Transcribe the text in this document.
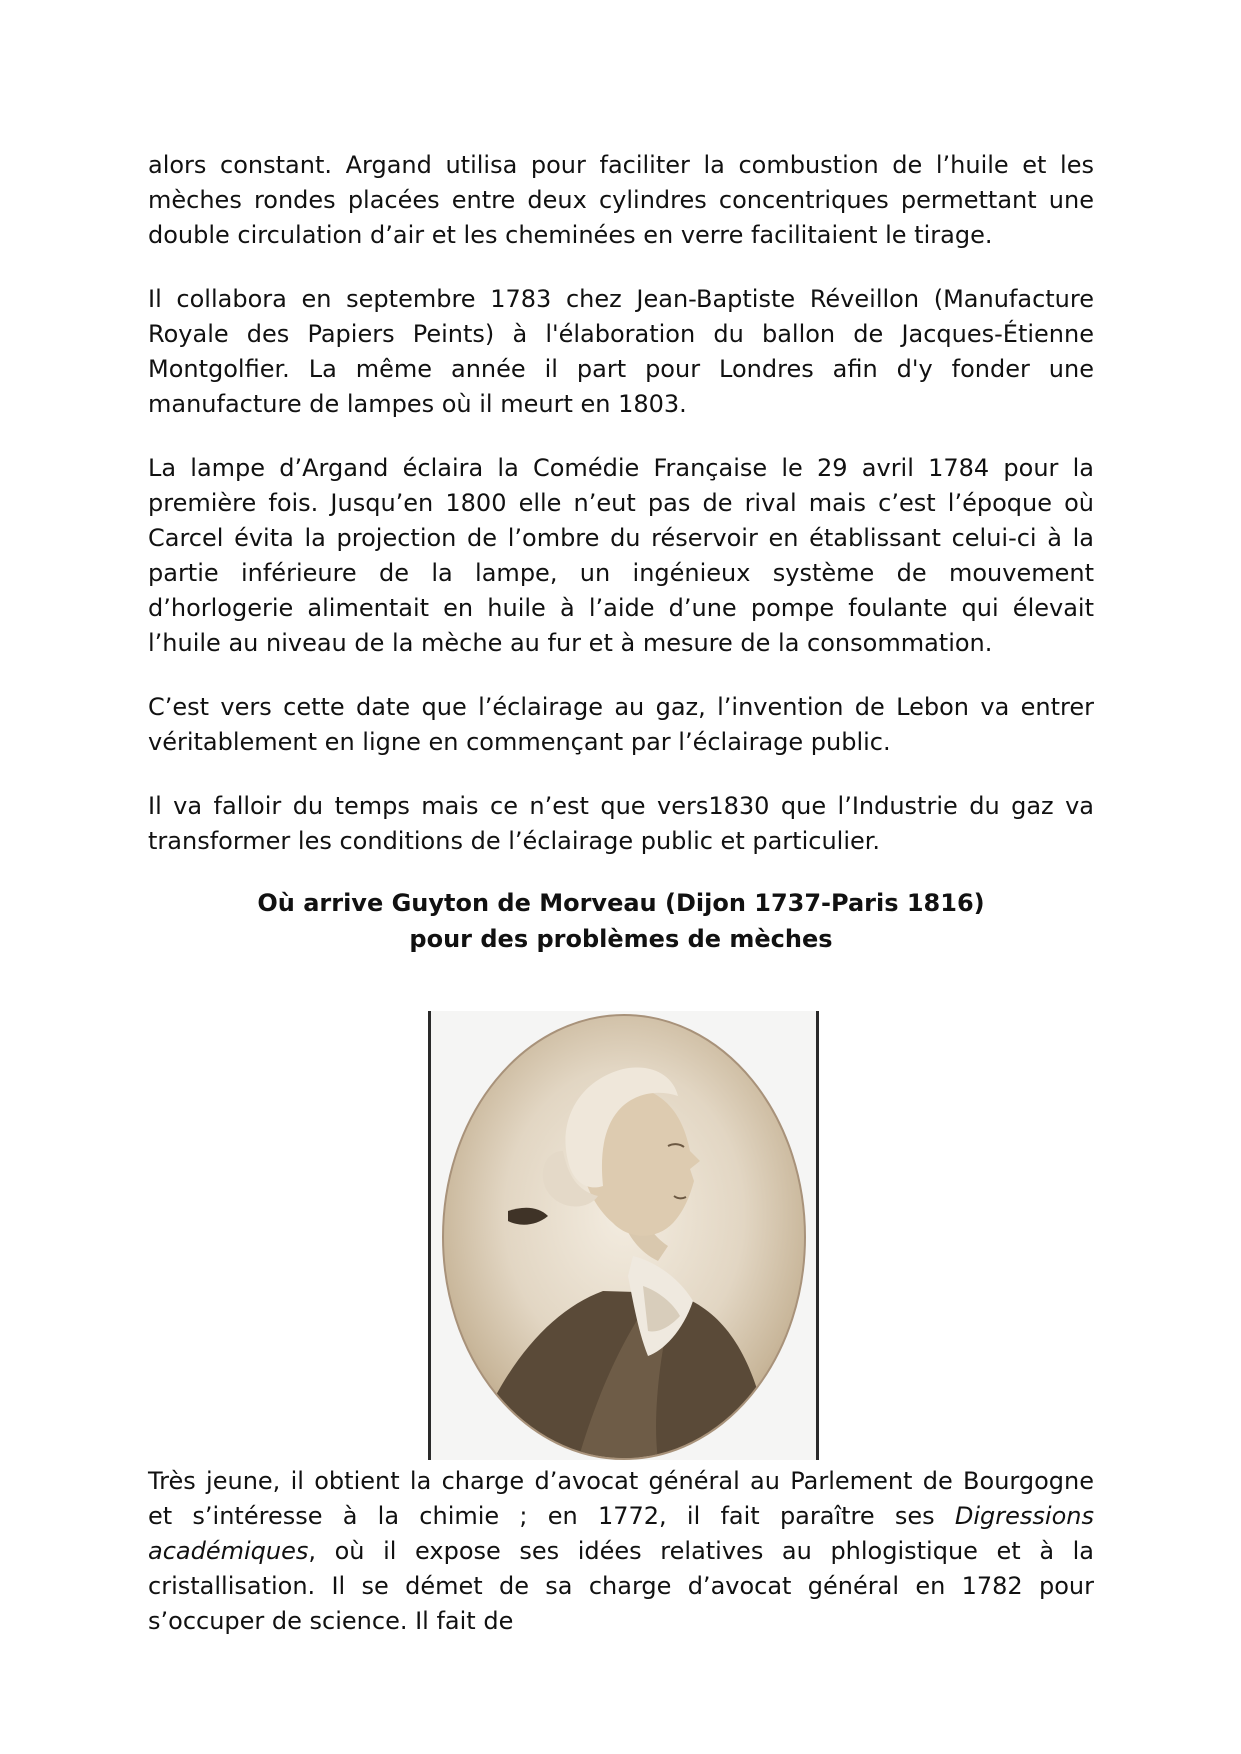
alors constant. Argand utilisa pour faciliter la combustion de l’huile et les mèches rondes placées entre deux cylindres concentriques permettant une double circulation d’air et les cheminées en verre facilitaient le tirage.

Il collabora en septembre 1783 chez Jean-Baptiste Réveillon (Manufacture Royale des Papiers Peints) à l'élaboration du ballon de Jacques-Étienne Montgolfier. La même année il part pour Londres afin d'y fonder une manufacture de lampes où il meurt en 1803.

La lampe d’Argand éclaira la Comédie Française le 29 avril 1784 pour la première fois. Jusqu’en 1800 elle n’eut pas de rival mais c’est l’époque où Carcel évita la projection de l’ombre du réservoir en établissant celui-ci à la partie inférieure de la lampe, un ingénieux système de mouvement d’horlogerie alimentait en huile à l’aide d’une pompe foulante qui élevait l’huile au niveau de la mèche au fur et à mesure de la consommation.

C’est vers cette date que l’éclairage au gaz, l’invention de Lebon va entrer véritablement en ligne en commençant par l’éclairage public.

Il va falloir du temps mais ce n’est que vers1830 que l’Industrie du gaz va transformer les conditions de l’éclairage public et particulier.

Où arrive Guyton de Morveau (Dijon 1737-Paris 1816)
pour des problèmes de mèches

Très jeune, il obtient la charge d’avocat général au Parlement de Bourgogne et s’intéresse à la chimie ; en 1772, il fait paraître ses Digressions académiques, où il expose ses idées relatives au phlogistique et à la cristallisation. Il se démet de sa charge d’avocat général en 1782 pour s’occuper de science. Il fait de
